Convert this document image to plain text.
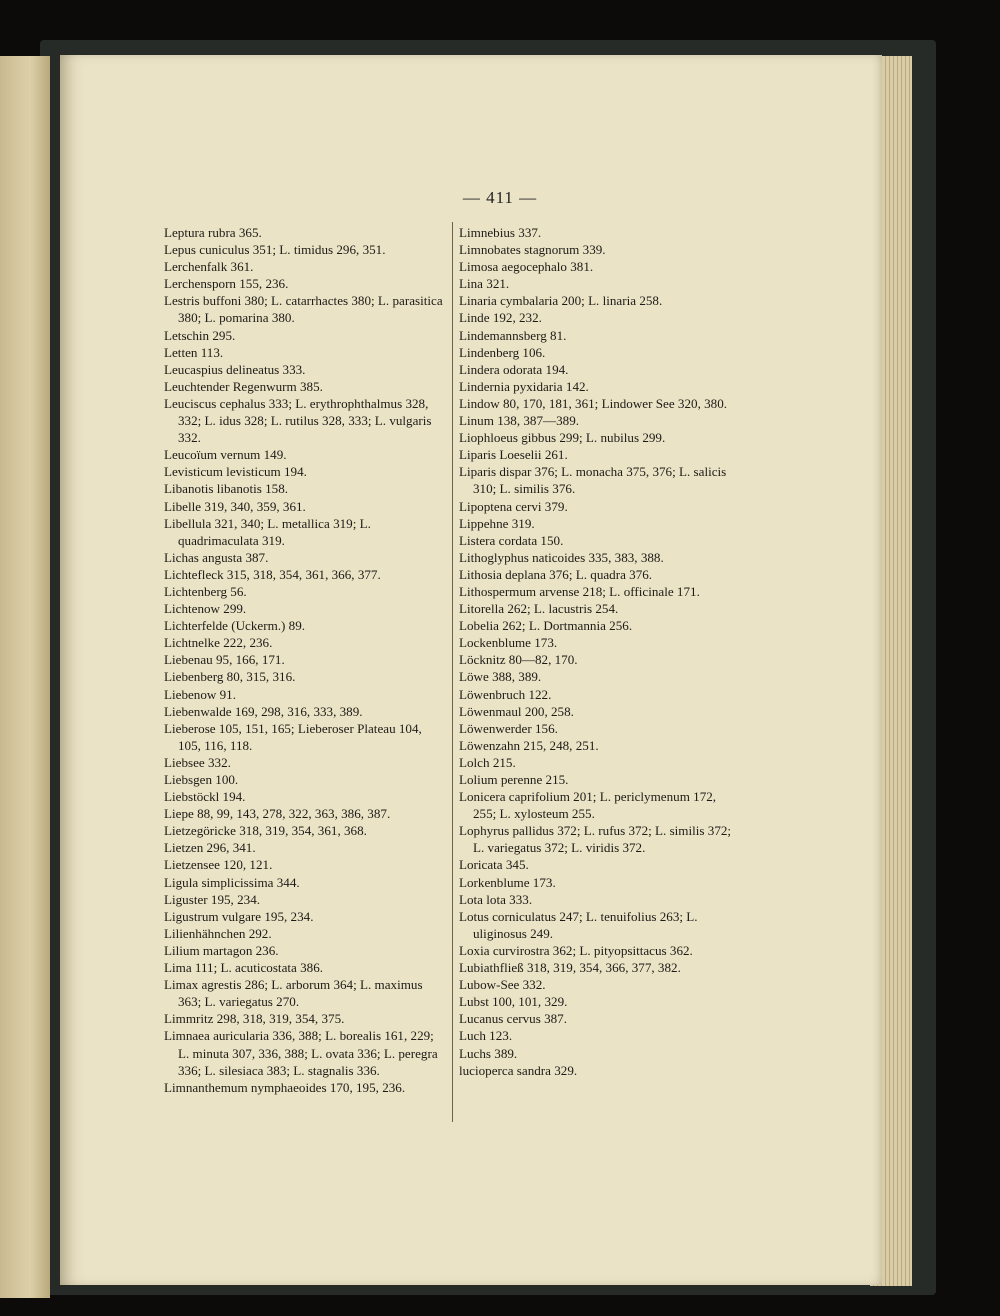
— 411 —

Leptura rubra 365.

Lepus cuniculus 351; L. timidus 296, 351.

Lerchenfalk 361.

Lerchensporn 155, 236.

Lestris buffoni 380; L. catarrhactes 380; L. parasitica 380; L. pomarina 380.

Letschin 295.

Letten 113.

Leucaspius delineatus 333.

Leuchtender Regenwurm 385.

Leuciscus cephalus 333; L. erythrophthalmus 328, 332; L. idus 328; L. rutilus 328, 333; L. vulgaris 332.

Leucoïum vernum 149.

Levisticum levisticum 194.

Libanotis libanotis 158.

Libelle 319, 340, 359, 361.

Libellula 321, 340; L. metallica 319; L. quadrimaculata 319.

Lichas angusta 387.

Lichtefleck 315, 318, 354, 361, 366, 377.

Lichtenberg 56.

Lichtenow 299.

Lichterfelde (Uckerm.) 89.

Lichtnelke 222, 236.

Liebenau 95, 166, 171.

Liebenberg 80, 315, 316.

Liebenow 91.

Liebenwalde 169, 298, 316, 333, 389.

Lieberose 105, 151, 165; Lieberoser Plateau 104, 105, 116, 118.

Liebsee 332.

Liebsgen 100.

Liebstöckl 194.

Liepe 88, 99, 143, 278, 322, 363, 386, 387.

Lietzegöricke 318, 319, 354, 361, 368.

Lietzen 296, 341.

Lietzensee 120, 121.

Ligula simplicissima 344.

Liguster 195, 234.

Ligustrum vulgare 195, 234.

Lilienhähnchen 292.

Lilium martagon 236.

Lima 111; L. acuticostata 386.

Limax agrestis 286; L. arborum 364; L. maximus 363; L. variegatus 270.

Limmritz 298, 318, 319, 354, 375.

Limnaea auricularia 336, 388; L. borealis 161, 229; L. minuta 307, 336, 388; L. ovata 336; L. peregra 336; L. silesiaca 383; L. stagnalis 336.

Limnanthemum nymphaeoides 170, 195, 236.

Limnebius 337.

Limnobates stagnorum 339.

Limosa aegocephalo 381.

Lina 321.

Linaria cymbalaria 200; L. linaria 258.

Linde 192, 232.

Lindemannsberg 81.

Lindenberg 106.

Lindera odorata 194.

Lindernia pyxidaria 142.

Lindow 80, 170, 181, 361; Lindower See 320, 380.

Linum 138, 387—389.

Liophloeus gibbus 299; L. nubilus 299.

Liparis Loeselii 261.

Liparis dispar 376; L. monacha 375, 376; L. salicis 310; L. similis 376.

Lipoptena cervi 379.

Lippehne 319.

Listera cordata 150.

Lithoglyphus naticoides 335, 383, 388.

Lithosia deplana 376; L. quadra 376.

Lithospermum arvense 218; L. officinale 171.

Litorella 262; L. lacustris 254.

Lobelia 262; L. Dortmannia 256.

Lockenblume 173.

Löcknitz 80—82, 170.

Löwe 388, 389.

Löwenbruch 122.

Löwenmaul 200, 258.

Löwenwerder 156.

Löwenzahn 215, 248, 251.

Lolch 215.

Lolium perenne 215.

Lonicera caprifolium 201; L. periclymenum 172, 255; L. xylosteum 255.

Lophyrus pallidus 372; L. rufus 372; L. similis 372; L. variegatus 372; L. viridis 372.

Loricata 345.

Lorkenblume 173.

Lota lota 333.

Lotus corniculatus 247; L. tenuifolius 263; L. uliginosus 249.

Loxia curvirostra 362; L. pityopsittacus 362.

Lubiathfließ 318, 319, 354, 366, 377, 382.

Lubow-See 332.

Lubst 100, 101, 329.

Lucanus cervus 387.

Luch 123.

Luchs 389.

lucioperca sandra 329.
